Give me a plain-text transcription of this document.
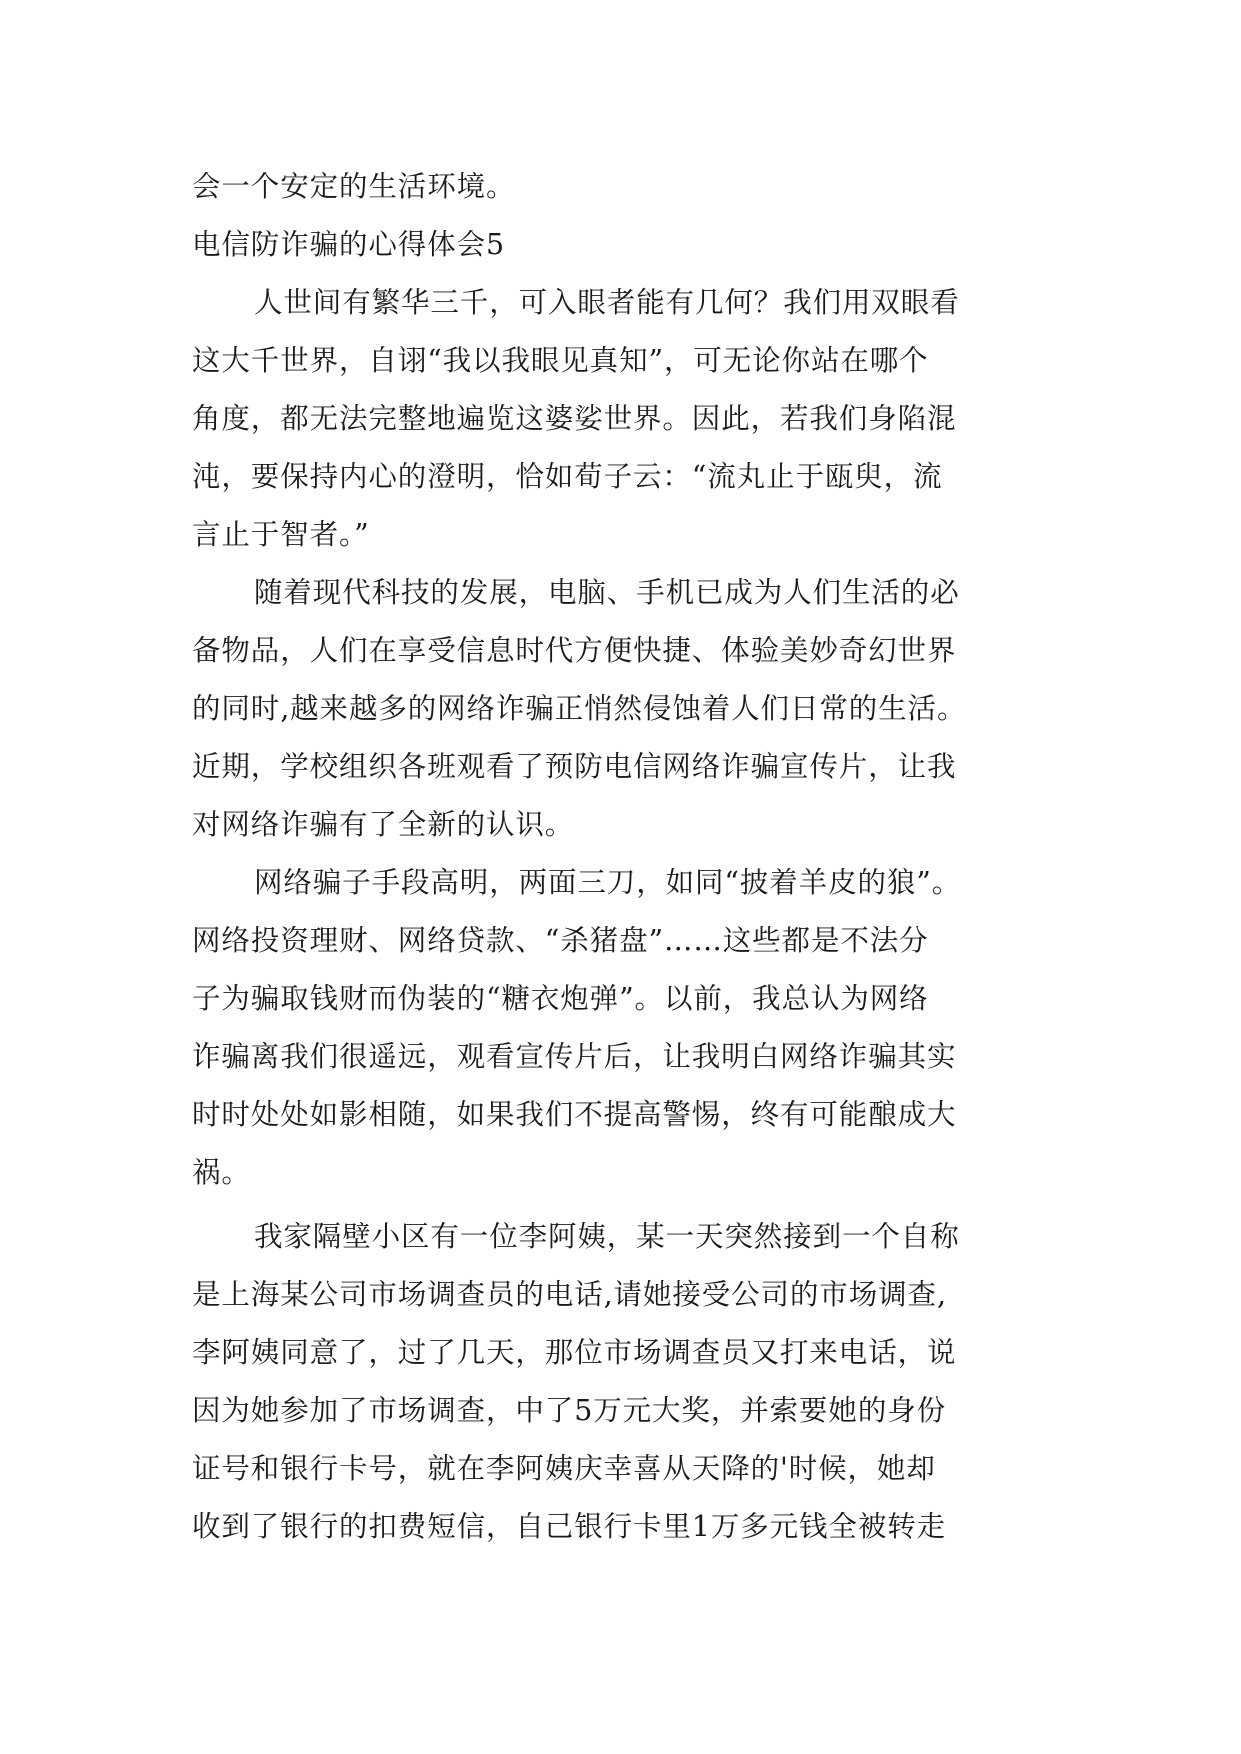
会一个安定的生活环境。
电信防诈骗的心得体会5
人世间有繁华三千，可入眼者能有几何？我们用双眼看
这大千世界，自诩“我以我眼见真知”，可无论你站在哪个
角度，都无法完整地遍览这婆娑世界。因此，若我们身陷混
沌，要保持内心的澄明，恰如荀子云：“流丸止于瓯臾，流
言止于智者。”
随着现代科技的发展，电脑、手机已成为人们生活的必
备物品，人们在享受信息时代方便快捷、体验美妙奇幻世界
的同时,越来越多的网络诈骗正悄然侵蚀着人们日常的生活。
近期，学校组织各班观看了预防电信网络诈骗宣传片，让我
对网络诈骗有了全新的认识。
网络骗子手段高明，两面三刀，如同“披着羊皮的狼”。
网络投资理财、网络贷款、“杀猪盘”……这些都是不法分
子为骗取钱财而伪装的“糖衣炮弹”。以前，我总认为网络
诈骗离我们很遥远，观看宣传片后，让我明白网络诈骗其实
时时处处如影相随，如果我们不提高警惕，终有可能酿成大
祸。
我家隔壁小区有一位李阿姨，某一天突然接到一个自称
是上海某公司市场调查员的电话,请她接受公司的市场调查,
李阿姨同意了，过了几天，那位市场调查员又打来电话，说
因为她参加了市场调查，中了5万元大奖，并索要她的身份
证号和银行卡号，就在李阿姨庆幸喜从天降的'时候，她却
收到了银行的扣费短信，自己银行卡里1万多元钱全被转走
